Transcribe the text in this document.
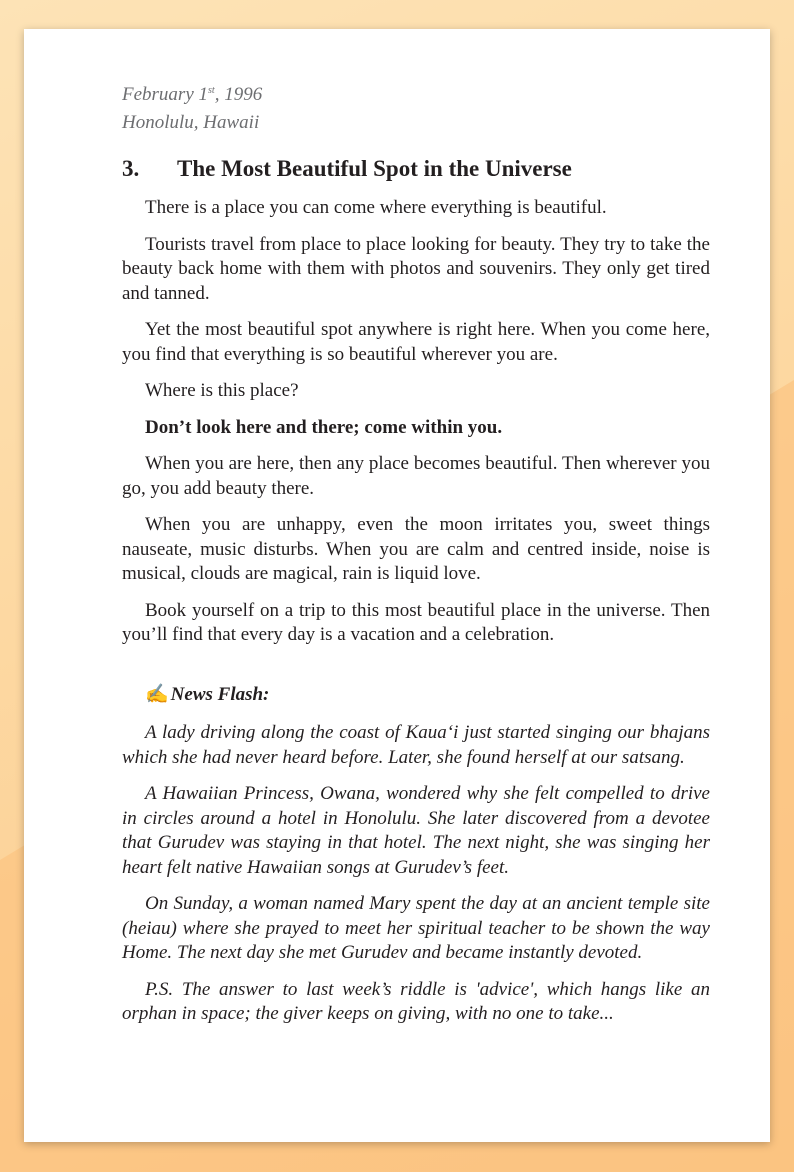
February 1st, 1996
Honolulu, Hawaii
3.	The Most Beautiful Spot in the Universe

There is a place you can come where everything is beautiful.

Tourists travel from place to place looking for beauty. They try to take the beauty back home with them with photos and souvenirs. They only get tired and tanned.

Yet the most beautiful spot anywhere is right here. When you come here, you find that everything is so beautiful wherever you are.

Where is this place?

Don’t look here and there; come within you.

When you are here, then any place becomes beautiful. Then wherever you go, you add beauty there.

When you are unhappy, even the moon irritates you, sweet things nauseate, music disturbs. When you are calm and centred inside, noise is musical, clouds are magical, rain is liquid love.

Book yourself on a trip to this most beautiful place in the universe. Then you’ll find that every day is a vacation and a celebration.

✍ News Flash:

A lady driving along the coast of Kaua‘i just started singing our bhajans which she had never heard before. Later, she found herself at our satsang.

A Hawaiian Princess, Owana, wondered why she felt compelled to drive in circles around a hotel in Honolulu. She later discovered from a devotee that Gurudev was staying in that hotel. The next night, she was singing her heart felt native Hawaiian songs at Gurudev’s feet.

On Sunday, a woman named Mary spent the day at an ancient temple site (heiau) where she prayed to meet her spiritual teacher to be shown the way Home. The next day she met Gurudev and became instantly devoted.

P.S. The answer to last week’s riddle is 'advice', which hangs like an orphan in space; the giver keeps on giving, with no one to take...
